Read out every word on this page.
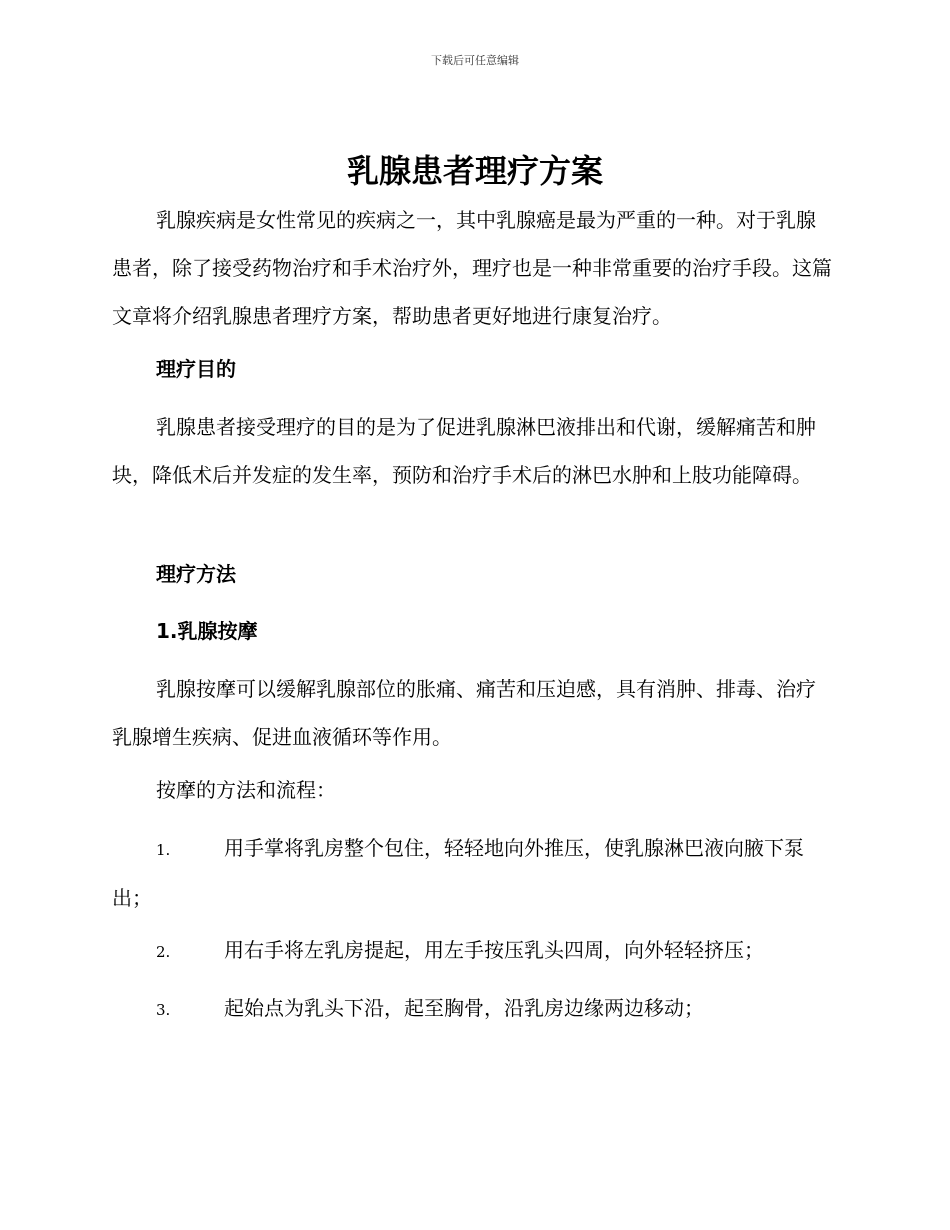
下载后可任意编辑
乳腺患者理疗方案

乳腺疾病是女性常见的疾病之一，其中乳腺癌是最为严重的一种。对于乳腺患者，除了接受药物治疗和手术治疗外，理疗也是一种非常重要的治疗手段。这篇文章将介绍乳腺患者理疗方案，帮助患者更好地进行康复治疗。

理疗目的

乳腺患者接受理疗的目的是为了促进乳腺淋巴液排出和代谢，缓解痛苦和肿块，降低术后并发症的发生率，预防和治疗手术后的淋巴水肿和上肢功能障碍。

理疗方法

1.乳腺按摩

乳腺按摩可以缓解乳腺部位的胀痛、痛苦和压迫感，具有消肿、排毒、治疗乳腺增生疾病、促进血液循环等作用。

按摩的方法和流程：

1.	用手掌将乳房整个包住，轻轻地向外推压，使乳腺淋巴液向腋下泵出；

2.	用右手将左乳房提起，用左手按压乳头四周，向外轻轻挤压；

3.	起始点为乳头下沿，起至胸骨，沿乳房边缘两边移动；
